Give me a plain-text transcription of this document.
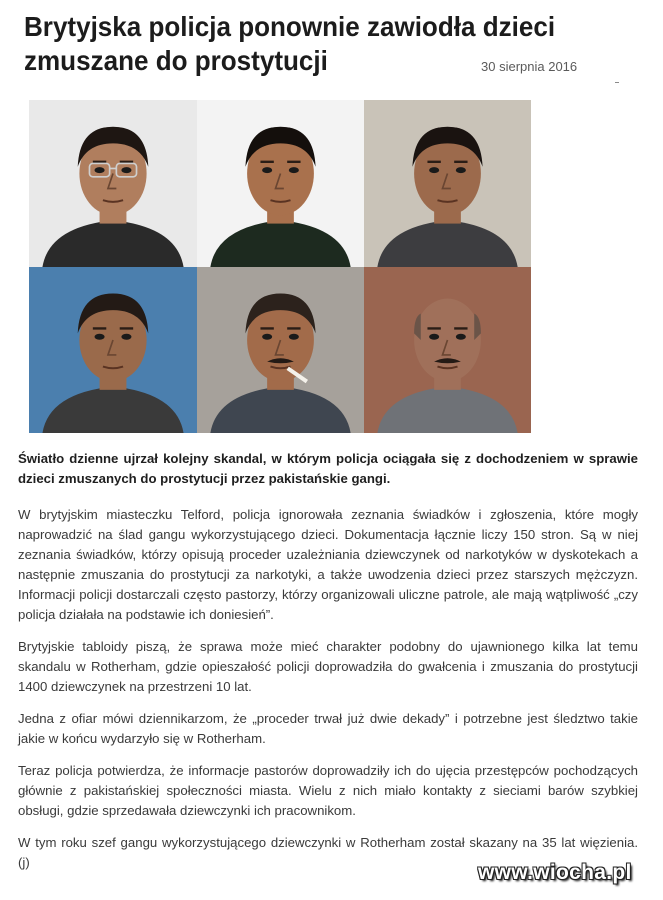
Brytyjska policja ponownie zawiodła dzieci
zmuszane do prostytucji	30 sierpnia 2016

Światło dzienne ujrzał kolejny skandal, w którym policja ociągała się z dochodzeniem w sprawie dzieci zmuszanych do prostytucji przez pakistańskie gangi.

W brytyjskim miasteczku Telford, policja ignorowała zeznania świadków i zgłoszenia, które mogły naprowadzić na ślad gangu wykorzystującego dzieci. Dokumentacja łącznie liczy 150 stron. Są w niej zeznania świadków, którzy opisują proceder uzależniania dziewczynek od narkotyków w dyskotekach a następnie zmuszania do prostytucji za narkotyki, a także uwodzenia dzieci przez starszych mężczyzn. Informacji policji dostarczali często pastorzy, którzy organizowali uliczne patrole, ale mają wątpliwość „czy policja działała na podstawie ich doniesień”.

Brytyjskie tabloidy piszą, że sprawa może mieć charakter podobny do ujawnionego kilka lat temu skandalu w Rotherham, gdzie opieszałość policji doprowadziła do gwałcenia i zmuszania do prostytucji 1400 dziewczynek na przestrzeni 10 lat.

Jedna z ofiar mówi dziennikarzom, że „proceder trwał już dwie dekady” i potrzebne jest śledztwo takie jakie w końcu wydarzyło się w Rotherham.

Teraz policja potwierdza, że informacje pastorów doprowadziły ich do ujęcia przestępców pochodzących głównie z pakistańskiej społeczności miasta. Wielu z nich miało kontakty z sieciami barów szybkiej obsługi, gdzie sprzedawała dziewczynki ich pracownikom.

W tym roku szef gangu wykorzystującego dziewczynki w Rotherham został skazany na 35 lat więzienia. (j)	www.wiocha.pl
